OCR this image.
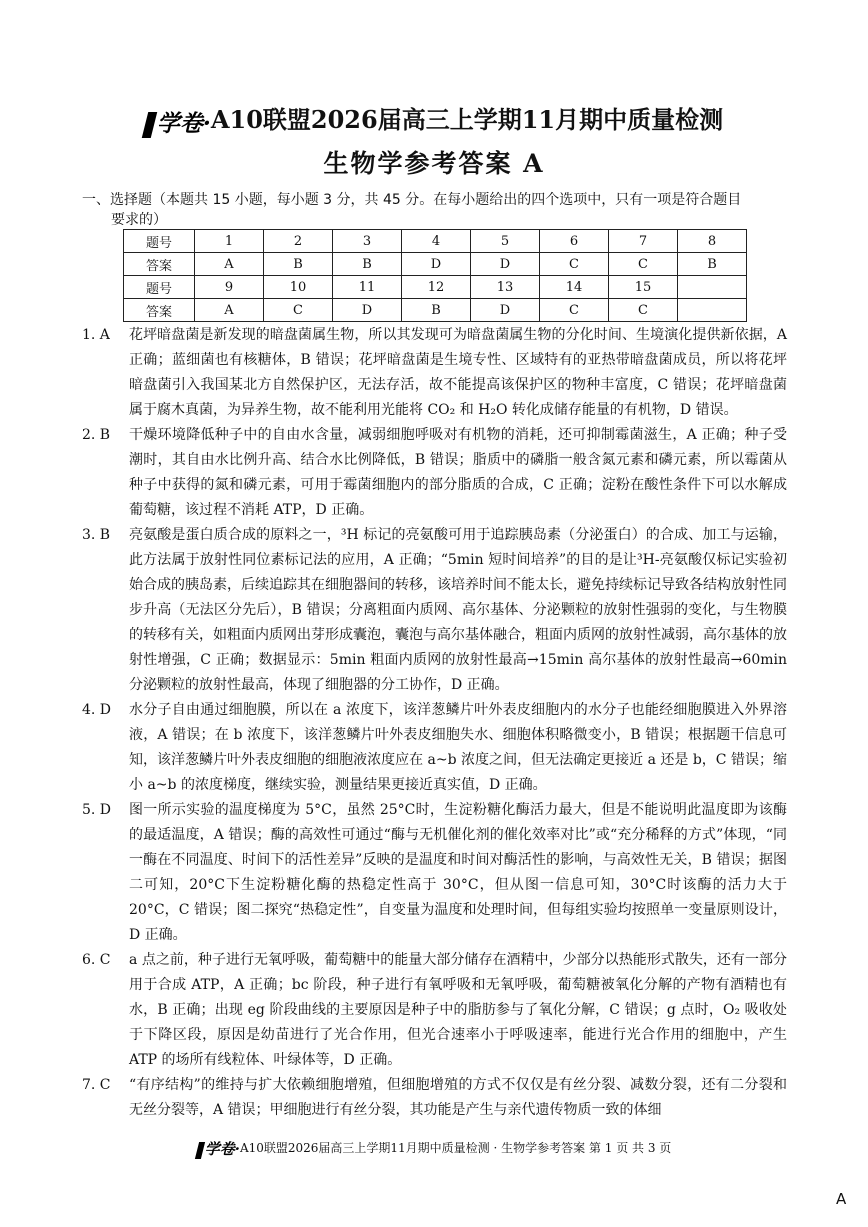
学卷·A10联盟2026届高三上学期11月期中质量检测
生物学参考答案 A
一、选择题（本题共 15 小题，每小题 3 分，共 45 分。在每小题给出的四个选项中，只有一项是符合题目
要求的）
题号	1	2	3	4	5	6	7	8
答案	A	B	B	D	D	C	C	B
题号	9	10	11	12	13	14	15	
答案	A	C	D	B	D	C	C	
1. A	花坪暗盘菌是新发现的暗盘菌属生物，所以其发现可为暗盘菌属生物的分化时间、生境演化提供新依据，A 正确；蓝细菌也有核糖体，B 错误；花坪暗盘菌是生境专性、区域特有的亚热带暗盘菌成员，所以将花坪暗盘菌引入我国某北方自然保护区，无法存活，故不能提高该保护区的物种丰富度，C 错误；花坪暗盘菌属于腐木真菌，为异养生物，故不能利用光能将 CO₂ 和 H₂O 转化成储存能量的有机物，D 错误。
2. B	干燥环境降低种子中的自由水含量，减弱细胞呼吸对有机物的消耗，还可抑制霉菌滋生，A 正确；种子受潮时，其自由水比例升高、结合水比例降低，B 错误；脂质中的磷脂一般含氮元素和磷元素，所以霉菌从种子中获得的氮和磷元素，可用于霉菌细胞内的部分脂质的合成，C 正确；淀粉在酸性条件下可以水解成葡萄糖，该过程不消耗 ATP，D 正确。
3. B	亮氨酸是蛋白质合成的原料之一，³H 标记的亮氨酸可用于追踪胰岛素（分泌蛋白）的合成、加工与运输，此方法属于放射性同位素标记法的应用，A 正确；“5min 短时间培养”的目的是让³H-亮氨酸仅标记实验初始合成的胰岛素，后续追踪其在细胞器间的转移，该培养时间不能太长，避免持续标记导致各结构放射性同步升高（无法区分先后），B 错误；分离粗面内质网、高尔基体、分泌颗粒的放射性强弱的变化，与生物膜的转移有关，如粗面内质网出芽形成囊泡，囊泡与高尔基体融合，粗面内质网的放射性减弱，高尔基体的放射性增强，C 正确；数据显示：5min 粗面内质网的放射性最高→15min 高尔基体的放射性最高→60min 分泌颗粒的放射性最高，体现了细胞器的分工协作，D 正确。
4. D	水分子自由通过细胞膜，所以在 a 浓度下，该洋葱鳞片叶外表皮细胞内的水分子也能经细胞膜进入外界溶液，A 错误；在 b 浓度下，该洋葱鳞片叶外表皮细胞失水、细胞体积略微变小，B 错误；根据题干信息可知，该洋葱鳞片叶外表皮细胞的细胞液浓度应在 a~b 浓度之间，但无法确定更接近 a 还是 b，C 错误；缩小 a~b 的浓度梯度，继续实验，测量结果更接近真实值，D 正确。
5. D	图一所示实验的温度梯度为 5°C，虽然 25°C时，生淀粉糖化酶活力最大，但是不能说明此温度即为该酶的最适温度，A 错误；酶的高效性可通过“酶与无机催化剂的催化效率对比”或“充分稀释的方式”体现，“同一酶在不同温度、时间下的活性差异”反映的是温度和时间对酶活性的影响，与高效性无关，B 错误；据图二可知，20°C下生淀粉糖化酶的热稳定性高于 30°C，但从图一信息可知，30°C时该酶的活力大于 20°C，C 错误；图二探究“热稳定性”，自变量为温度和处理时间，但每组实验均按照单一变量原则设计，D 正确。
6. C	a 点之前，种子进行无氧呼吸，葡萄糖中的能量大部分储存在酒精中，少部分以热能形式散失，还有一部分用于合成 ATP，A 正确；bc 阶段，种子进行有氧呼吸和无氧呼吸，葡萄糖被氧化分解的产物有酒精也有水，B 正确；出现 eg 阶段曲线的主要原因是种子中的脂肪参与了氧化分解，C 错误；g 点时，O₂ 吸收处于下降区段，原因是幼苗进行了光合作用，但光合速率小于呼吸速率，能进行光合作用的细胞中，产生 ATP 的场所有线粒体、叶绿体等，D 正确。
7. C	“有序结构”的维持与扩大依赖细胞增殖，但细胞增殖的方式不仅仅是有丝分裂、减数分裂，还有二分裂和无丝分裂等，A 错误；甲细胞进行有丝分裂，其功能是产生与亲代遗传物质一致的体细
学卷·A10联盟2026届高三上学期11月期中质量检测 · 生物学参考答案 第 1 页 共 3 页
A
